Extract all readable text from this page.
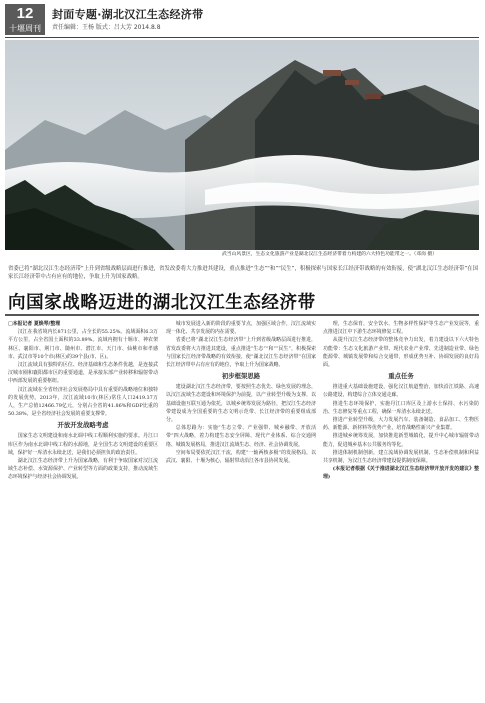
12
十堰周刊
封面专题·湖北汉江生态经济带
责任编辑：王杨 版式：吕大芳 2014.8.8
武当山风景区，生态文化旅游产业是湖北汉江生态经济带着力构建的六大特色功能带之一。（邓岗 摄）
省委已将“湖北汉江生态经济带”上升到省级战略层面进行推进，省发改委将大力推进其建设，重点推进“生态”“和”“民生”，积极探索与国家长江经济带战略的有效衔接，使“湖北汉江生态经济带”在国家长江经济带中占有应有的地位，争取上升为国家战略。
向国家战略迈进的湖北汉江生态经济带

□本报记者 夏焕琴/整理

汉江在我省境内长871公里，占全长的55.25%。流域面积6.3万平方公里，占全省国土面积的33.89%。流域内拥有十堰市、神农架林区、襄阳市、荆门市、随州市、潜江市、天门市、仙桃市和孝感市、武汉市等10个市(林区)的39个县(市、区)。

汉江流域具有独特的区位、经济基础和生态条件优越，是连接武汉城市圈和襄阳都市区的重要通道，是承接东部产业转移和辐射带动中西部发展的重要枢纽。

汉江流域在全省经济社会发展格局中具有重要的战略地位和独特的发展优势。2013年，汉江流域10市(林区)常住人口2419.37万人，生产总值12466.79亿元，分别占全省的41.86%和GDP比重的50.38%，是全省经济社会发展的重要支撑带。

开放开发战略考虑

国家生态文明建设和南水北调中线工程顺利实施的要求。丹江口库区作为南水北调中线工程的水源地，是全国生态文明建设的重要区域，保护好一库清水永续北送，是我们必须担负的政治责任。

湖北汉江生态经济带上升为国家战略，有利于争取国家对汉江流域生态补偿、水资源保护、产业转型等方面的政策支持，推动流域生态环境保护与经济社会协调发展。

城市发展进入新的阶段的重要节点，加强区域合作，汉江流域实现一体化、共享发展的内在需要。

省委已将“湖北汉江生态经济带”上升到省级战略层面进行推进，省发改委将大力推进其建设，重点推进“生态”“和”“民生”，积极探索与国家长江经济带战略的有效衔接，使“湖北汉江生态经济带”在国家长江经济带中占有应有的地位，争取上升为国家战略。

初步框架思路

建设湖北汉江生态经济带，要按照生态优先、绿色发展的理念，以汉江流域生态建设和环境保护为前提，以产业转型升级为支撑，以基础设施互联互通为依托，以城乡统筹发展为路径，把汉江生态经济带建设成为全国重要的生态文明示范带、长江经济带的重要组成部分。

总体思路为：实施“生态立带、产业强带、城乡融带、开放活带”四大战略，着力构建生态安全屏障、现代产业体系、综合交通网络、城镇发展格局，推进汉江流域生态、经济、社会协调发展。

空间布局要依托汉江干流，构建“一轴两核多极”的发展格局，以武汉、襄阳、十堰为核心，辐射带动沿江各市县协同发展。

理，生态保育，安全饮水，生物多样性保护等生态产业发展等，重点推进汉江中下游生态环境修复工程。

从提升汉江生态经济带的整体竞争力出发，着力建设以下六大特色功能带：生态文化旅游产业带、现代农业产业带、先进制造业带、绿色能源带、城镇发展带和综合交通带，形成优势互补、协调发展的良好局面。

重点任务

推进重大基础设施建设，强化汉江航道整治，加快沿江铁路、高速公路建设，构建综合立体交通走廊。

推进生态环境保护，实施丹江口库区及上游水土保持、水污染防治、生态修复等重点工程，确保一库清水永续北送。

推进产业转型升级，大力发展汽车、装备制造、食品加工、生物医药、新能源、新材料等优势产业，培育战略性新兴产业集群。

推进城乡统筹发展，加快推进新型城镇化，提升中心城市辐射带动能力，促进城乡基本公共服务均等化。

推进体制机制创新，建立流域协调发展机制、生态补偿机制和利益共享机制，为汉江生态经济带建设提供制度保障。

(本报记者根据《关于推进湖北汉江生态经济带开放开发的建议》整理)
